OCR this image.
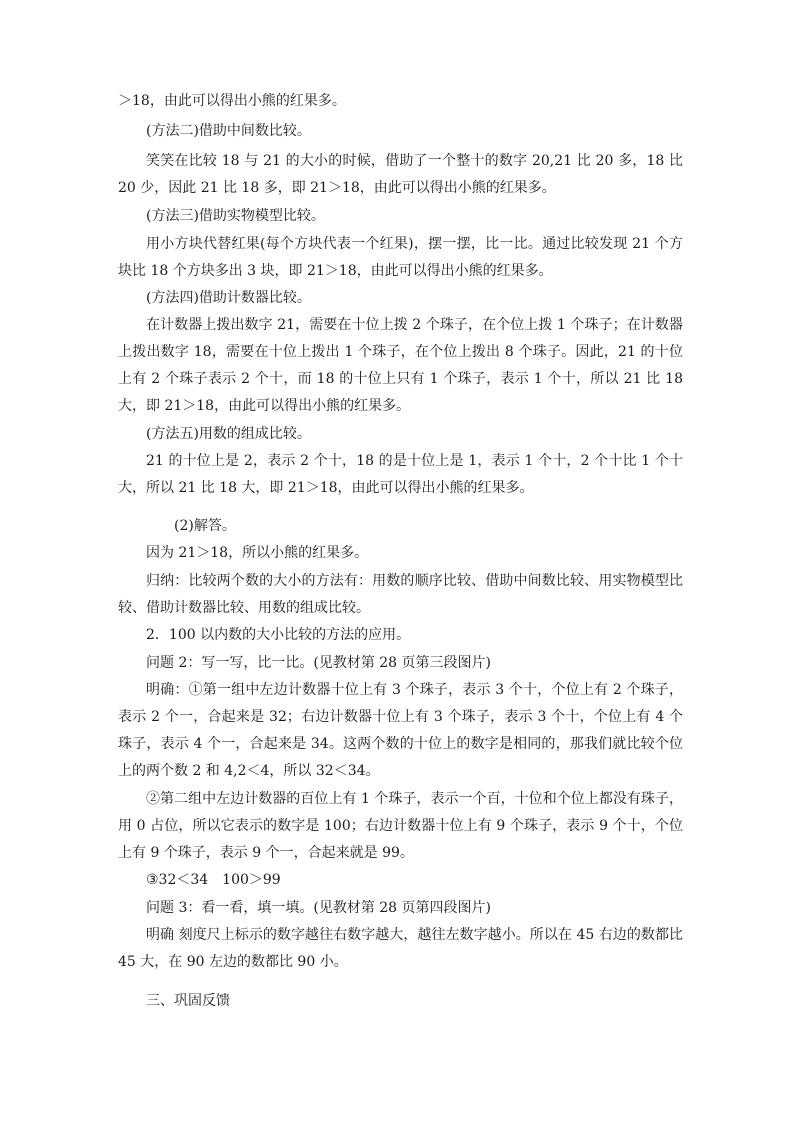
＞18，由此可以得出小熊的红果多。

(方法二)借助中间数比较。

笑笑在比较 18 与 21 的大小的时候，借助了一个整十的数字 20,21 比 20 多，18 比 20 少，因此 21 比 18 多，即 21＞18，由此可以得出小熊的红果多。

(方法三)借助实物模型比较。

用小方块代替红果(每个方块代表一个红果)，摆一摆，比一比。通过比较发现 21 个方块比 18 个方块多出 3 块，即 21＞18，由此可以得出小熊的红果多。

(方法四)借助计数器比较。

在计数器上拨出数字 21，需要在十位上拨 2 个珠子，在个位上拨 1 个珠子；在计数器上拨出数字 18，需要在十位上拨出 1 个珠子，在个位上拨出 8 个珠子。因此，21 的十位上有 2 个珠子表示 2 个十，而 18 的十位上只有 1 个珠子，表示 1 个十，所以 21 比 18 大，即 21＞18，由此可以得出小熊的红果多。

(方法五)用数的组成比较。

21 的十位上是 2，表示 2 个十，18 的是十位上是 1，表示 1 个十，2 个十比 1 个十大，所以 21 比 18 大，即 21＞18，由此可以得出小熊的红果多。

(2)解答。

因为 21＞18，所以小熊的红果多。

归纳：比较两个数的大小的方法有：用数的顺序比较、借助中间数比较、用实物模型比较、借助计数器比较、用数的组成比较。

2．100 以内数的大小比较的方法的应用。

问题 2：写一写，比一比。(见教材第 28 页第三段图片)

明确：①第一组中左边计数器十位上有 3 个珠子，表示 3 个十，个位上有 2 个珠子，表示 2 个一，合起来是 32；右边计数器十位上有 3 个珠子，表示 3 个十，个位上有 4 个珠子，表示 4 个一，合起来是 34。这两个数的十位上的数字是相同的，那我们就比较个位上的两个数 2 和 4,2＜4，所以 32＜34。

②第二组中左边计数器的百位上有 1 个珠子，表示一个百，十位和个位上都没有珠子，用 0 占位，所以它表示的数字是 100；右边计数器十位上有 9 个珠子，表示 9 个十，个位上有 9 个珠子，表示 9 个一，合起来就是 99。

③32＜34　100＞99

问题 3：看一看，填一填。(见教材第 28 页第四段图片)

明确 刻度尺上标示的数字越往右数字越大，越往左数字越小。所以在 45 右边的数都比 45 大，在 90 左边的数都比 90 小。

三、巩固反馈
